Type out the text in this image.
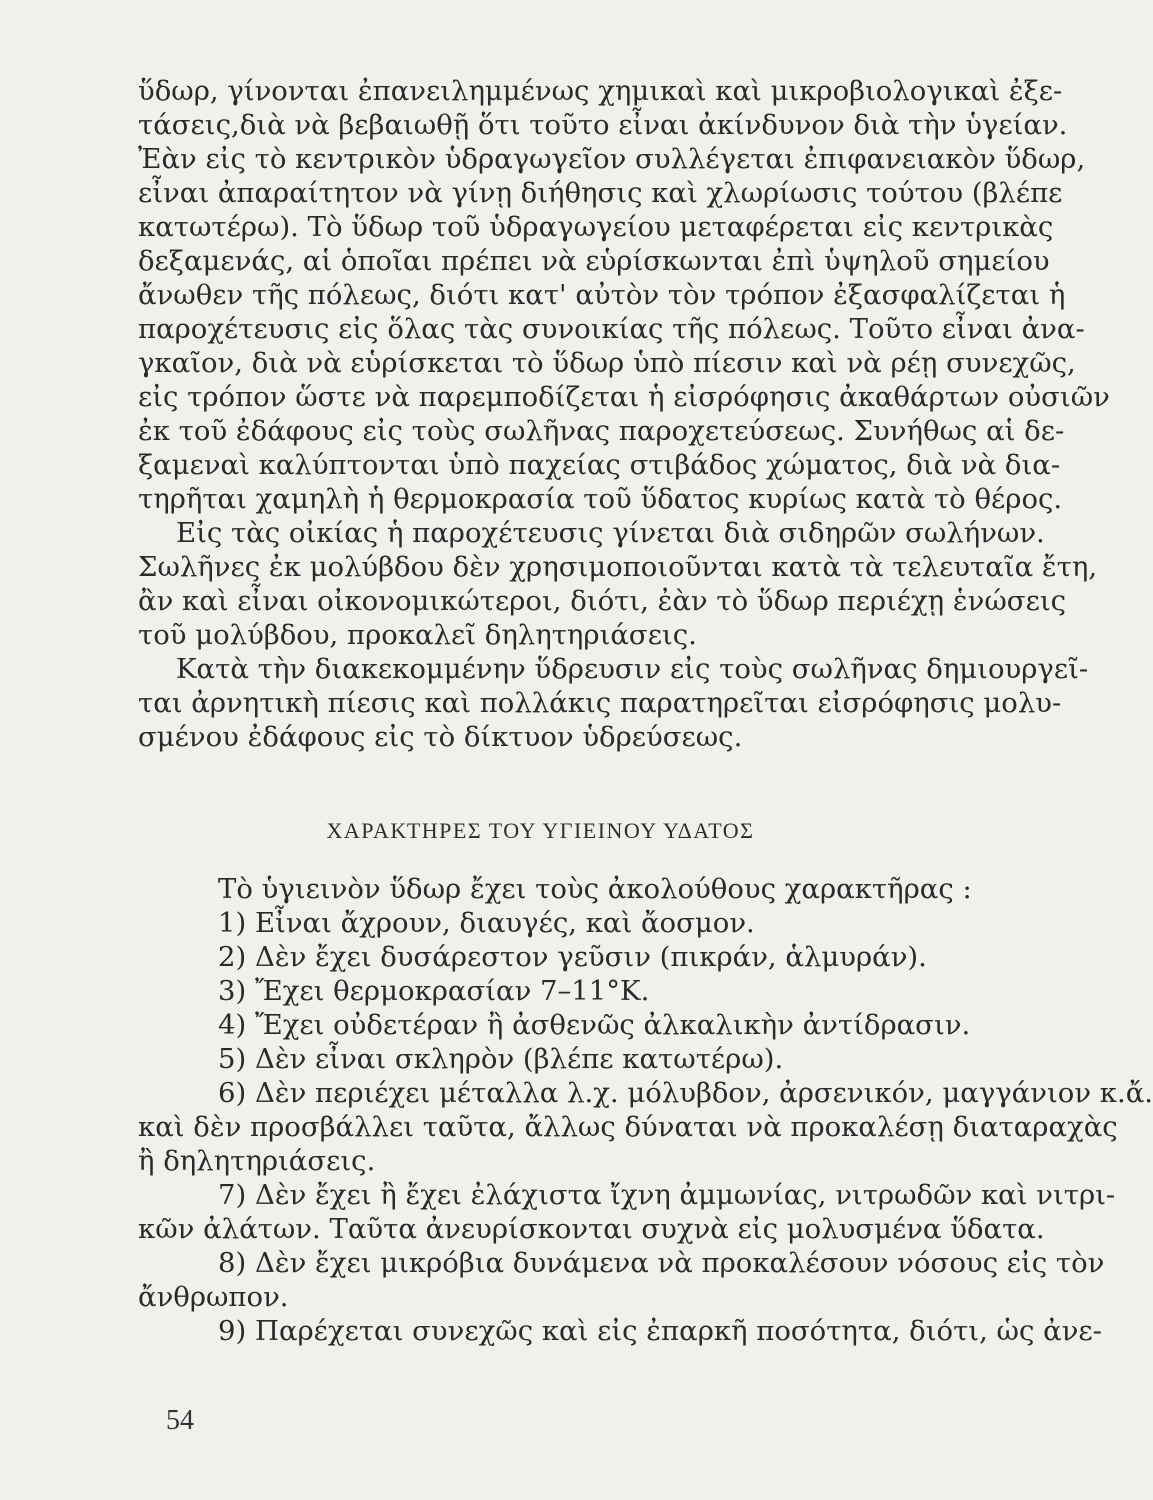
ὕδωρ, γίνονται ἐπανειλημμένως χημικαὶ καὶ μικροβιολογικαὶ ἐξε-
τάσεις,διὰ νὰ βεβαιωθῇ ὅτι τοῦτο εἶναι ἀκίνδυνον διὰ τὴν ὑγείαν.
Ἐὰν εἰς τὸ κεντρικὸν ὑδραγωγεῖον συλλέγεται ἐπιφανειακὸν ὕδωρ,
εἶναι ἀπαραίτητον νὰ γίνῃ διήθησις καὶ χλωρίωσις τούτου (βλέπε
κατωτέρω). Τὸ ὕδωρ τοῦ ὑδραγωγείου μεταφέρεται εἰς κεντρικὰς
δεξαμενάς, αἱ ὁποῖαι πρέπει νὰ εὑρίσκωνται ἐπὶ ὑψηλοῦ σημείου
ἄνωθεν τῆς πόλεως, διότι κατ' αὐτὸν τὸν τρόπον ἐξασφαλίζεται ἡ
παροχέτευσις εἰς ὅλας τὰς συνοικίας τῆς πόλεως. Τοῦτο εἶναι ἀνα-
γκαῖον, διὰ νὰ εὑρίσκεται τὸ ὕδωρ ὑπὸ πίεσιν καὶ νὰ ρέῃ συνεχῶς,
εἰς τρόπον ὥστε νὰ παρεμποδίζεται ἡ εἰσρόφησις ἀκαθάρτων οὐσιῶν
ἐκ τοῦ ἐδάφους εἰς τοὺς σωλῆνας παροχετεύσεως. Συνήθως αἱ δε-
ξαμεναὶ καλύπτονται ὑπὸ παχείας στιβάδος χώματος, διὰ νὰ δια-
τηρῆται χαμηλὴ ἡ θερμοκρασία τοῦ ὕδατος κυρίως κατὰ τὸ θέρος.
Εἰς τὰς οἰκίας ἡ παροχέτευσις γίνεται διὰ σιδηρῶν σωλήνων.
Σωλῆνες ἐκ μολύβδου δὲν χρησιμοποιοῦνται κατὰ τὰ τελευταῖα ἔτη,
ἂν καὶ εἶναι οἰκονομικώτεροι, διότι, ἐὰν τὸ ὕδωρ περιέχῃ ἑνώσεις
τοῦ μολύβδου, προκαλεῖ δηλητηριάσεις.
Κατὰ τὴν διακεκομμένην ὕδρευσιν εἰς τοὺς σωλῆνας δημιουργεῖ-
ται ἀρνητικὴ πίεσις καὶ πολλάκις παρατηρεῖται εἰσρόφησις μολυ-
σμένου ἐδάφους εἰς τὸ δίκτυον ὑδρεύσεως.
ΧΑΡΑΚΤΗΡΕΣ ΤΟΥ ΥΓΙΕΙΝΟΥ ΥΔΑΤΟΣ
Τὸ ὑγιεινὸν ὕδωρ ἔχει τοὺς ἀκολούθους χαρακτῆρας :
1) Εἶναι ἄχρουν, διαυγές, καὶ ἄοσμον.
2) Δὲν ἔχει δυσάρεστον γεῦσιν (πικράν, ἁλμυράν).
3) Ἔχει θερμοκρασίαν 7–11°Κ.
4) Ἔχει οὐδετέραν ἢ ἀσθενῶς ἀλκαλικὴν ἀντίδρασιν.
5) Δὲν εἶναι σκληρὸν (βλέπε κατωτέρω).
6) Δὲν περιέχει μέταλλα λ.χ. μόλυβδον, ἀρσενικόν, μαγγάνιον κ.ἄ.
καὶ δὲν προσβάλλει ταῦτα, ἄλλως δύναται νὰ προκαλέσῃ διαταραχὰς
ἢ δηλητηριάσεις.
7) Δὲν ἔχει ἢ ἔχει ἐλάχιστα ἴχνη ἀμμωνίας, νιτρωδῶν καὶ νιτρι-
κῶν ἀλάτων. Ταῦτα ἀνευρίσκονται συχνὰ εἰς μολυσμένα ὕδατα.
8) Δὲν ἔχει μικρόβια δυνάμενα νὰ προκαλέσουν νόσους εἰς τὸν
ἄνθρωπον.
9) Παρέχεται συνεχῶς καὶ εἰς ἐπαρκῆ ποσότητα, διότι, ὡς ἀνε-
54
